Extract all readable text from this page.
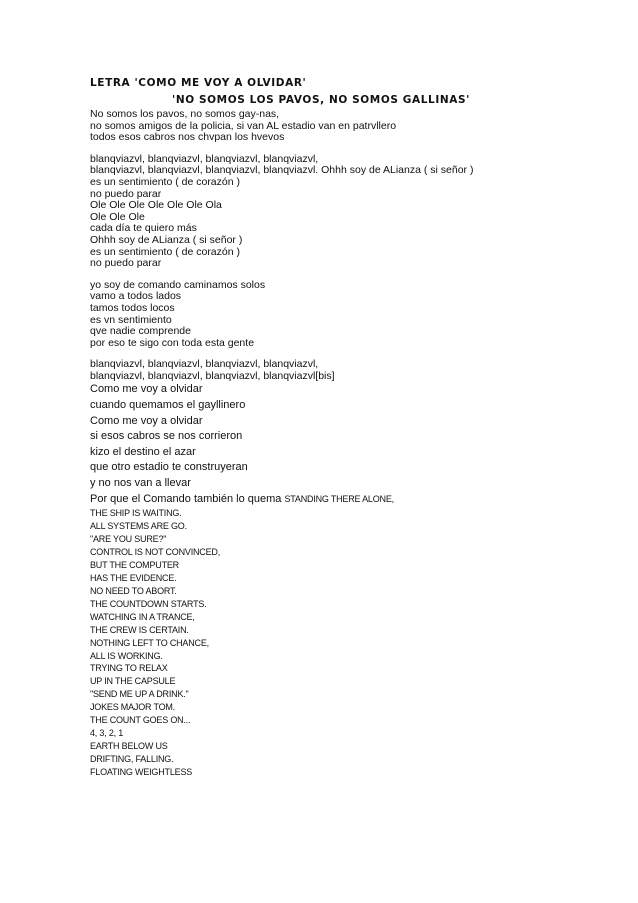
LETRA 'COMO ME VOY A OLVIDAR'
'NO SOMOS LOS PAVOS, NO SOMOS GALLINAS'
No somos los pavos, no somos gay-nas,
no somos amigos de la policia, si van AL estadio van en patrvllero
todos esos cabros nos chvpan los hvevos
blanqviazvl, blanqviazvl, blanqviazvl, blanqviazvl,
blanqviazvl, blanqviazvl, blanqviazvl, blanqviazvl. Ohhh soy de ALianza ( si señor )
es un sentimiento ( de corazón )
no puedo parar
Ole Ole Ole Ole Ole Ole Ola
Ole Ole Ole
cada día te quiero más
Ohhh soy de ALianza ( si señor )
es un sentimiento ( de corazón )
no puedo parar
yo soy de comando caminamos solos
vamo a todos lados
tamos todos locos
es vn sentimiento
qve nadie comprende
por eso te sigo con toda esta gente
blanqviazvl, blanqviazvl, blanqviazvl, blanqviazvl,
blanqviazvl, blanqviazvl, blanqviazvl, blanqviazvl[bis]
Como me voy a olvidar
cuando quemamos el gayllinero
Como me voy a olvidar
si esos cabros se nos corrieron
kizo el destino el azar
que otro estadio te construyeran
y no nos van a llevar
Por que el Comando también lo quema STANDING THERE ALONE,
THE SHIP IS WAITING.
ALL SYSTEMS ARE GO.
"ARE YOU SURE?"
CONTROL IS NOT CONVINCED,
BUT THE COMPUTER
HAS THE EVIDENCE.
NO NEED TO ABORT.
THE COUNTDOWN STARTS.
WATCHING IN A TRANCE,
THE CREW IS CERTAIN.
NOTHING LEFT TO CHANCE,
ALL IS WORKING.
TRYING TO RELAX
UP IN THE CAPSULE
"SEND ME UP A DRINK."
JOKES MAJOR TOM.
THE COUNT GOES ON...
4, 3, 2, 1
EARTH BELOW US
DRIFTING, FALLING.
FLOATING WEIGHTLESS
